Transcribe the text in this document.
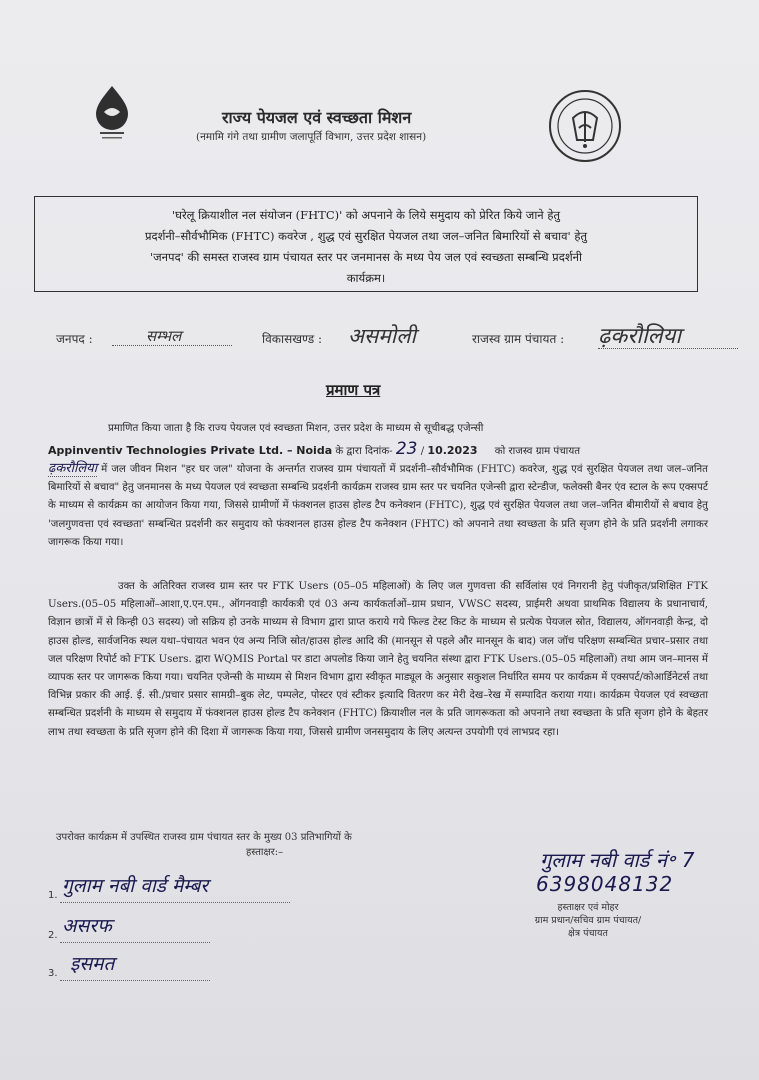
राज्य पेयजल एवं स्वच्छता मिशन
(नमामि गंगे तथा ग्रामीण जलापूर्ति विभाग, उत्तर प्रदेश शासन)
'घरेलू क्रियाशील नल संयोजन (FHTC)' को अपनाने के लिये समुदाय को प्रेरित किये जाने हेतु
प्रदर्शनी–सौर्वभौमिक (FHTC) कवरेज , शुद्ध एवं सुरक्षित पेयजल तथा जल–जनित बिमारियों से बचाव' हेतु
'जनपद' की समस्त राजस्व ग्राम पंचायत स्तर पर जनमानस के मध्य पेय जल एवं स्वच्छता सम्बन्धि प्रदर्शनी
कार्यक्रम।
जनपद :	सम्भल	विकासखण्ड : असमोली	राजस्व ग्राम पंचायत : ढ़करौलिया
प्रमाण पत्र
प्रमाणित किया जाता है कि राज्य पेयजल एवं स्वच्छता मिशन, उत्तर प्रदेश के माध्यम से सूचीबद्ध एजेन्सी
Appinventiv Technologies Private Ltd. – Noida के द्वारा दिनांक- 23 / 10.2023 को राजस्व ग्राम पंचायत
ढ़करौलिया में जल जीवन मिशन "हर घर जल" योजना के अन्तर्गत राजस्व ग्राम पंचायतों में प्रदर्शनी–सौर्वभौमिक (FHTC) कवरेज, शुद्ध एवं सुरक्षित पेयजल तथा जल–जनित बिमारियों से बचाव" हेतु जनमानस के मध्य पेयजल एवं स्वच्छता सम्बन्धि प्रदर्शनी कार्यक्रम राजस्व ग्राम स्तर पर चयनित एजेन्सी द्वारा स्टेन्डीज, फलेक्सी बैनर एंव स्टाल के रूप एक्सपर्ट के माध्यम से कार्यक्रम का आयोजन किया गया, जिससे ग्रामीणों में फंक्शनल हाउस होल्ड टैप कनेक्शन (FHTC), शुद्ध एवं सुरक्षित पेयजल तथा जल–जनित बीमारीयों से बचाव हेतु 'जलगुणवत्ता एवं स्वच्छता' सम्बन्धित प्रदर्शनी कर समुदाय को फंक्शनल हाउस होल्ड टैप कनेक्शन (FHTC) को अपनाने तथा स्वच्छता के प्रति सृजग होने के प्रति प्रदर्शनी लगाकर जागरूक किया गया।
उक्त के अतिरिक्त राजस्व ग्राम स्तर पर FTK Users (05–05 महिलाओं) के लिए जल गुणवत्ता की सर्विलांस एवं निगरानी हेतु पंजीकृत/प्रशिक्षित FTK Users.(05–05 महिलाओं–आशा,ए.एन.एम., ऑगनवाड़ी कार्यकत्री एवं 03 अन्य कार्यकर्ताओं–ग्राम प्रधान, VWSC सदस्य, प्राईमरी अथवा प्राथमिक विद्यालय के प्रधानाचार्य, विज्ञान छात्रों में से किन्ही 03 सदस्य) जो सक्रिय हो उनके माध्यम से विभाग द्वारा प्राप्त कराये गये फिल्ड टेस्ट किट के माध्यम से प्रत्येक पेयजल स्रोत, विद्यालय, ऑगनवाड़ी केन्द्र, दो हाउस होल्ड, सार्वजनिक स्थल यथा–पंचायत भवन एंव अन्य निजि स्रोत/हाउस होल्ड आदि की (मानसून से पहले और मानसून के बाद) जल जॉच परिक्षण सम्बन्धित प्रचार–प्रसार तथा जल परिक्षण रिपोर्ट को FTK Users. द्वारा WQMIS Portal पर डाटा अपलोड किया जाने हेतु चयनित संस्था द्वारा FTK Users.(05–05 महिलाओं) तथा आम जन–मानस में व्यापक स्तर पर जागरूक किया गया। चयनित एजेन्सी के माध्यम से मिशन विभाग द्वारा स्वीकृत माड्यूल के अनुसार सकुशल निर्धारित समय पर कार्यक्रम में एक्सपर्ट/कोआर्डिनेटर्स तथा विभिन्न प्रकार की आई. ई. सी./प्रचार प्रसार सामग्री–बुक लेट, पम्पलेट, पोस्टर एवं स्टीकर इत्यादि वितरण कर मेरी देख–रेख में सम्पादित कराया गया। कार्यक्रम पेयजल एवं स्वच्छता सम्बन्धित प्रदर्शनी के माध्यम से समुदाय में फंक्शनल हाउस होल्ड टैप कनेक्शन (FHTC) क्रियाशील नल के प्रति जागरूकता को अपनाने तथा स्वच्छता के प्रति सृजग होने के बेहतर लाभ तथा स्वच्छता के प्रति सृजग होने की दिशा में जागरूक किया गया, जिससे ग्रामीण जनसमुदाय के लिए अत्यन्त उपयोगी एवं लाभप्रद रहा।
उपरोक्त कार्यक्रम में उपस्थित राजस्व ग्राम पंचायत स्तर के मुख्य 03 प्रतिभागियों के
हस्ताक्षर:–
1. गुलाम नबी वार्ड मैम्बर
2. असरफ
3. इसमत
गुलाम नबी वार्ड नं॰ 7
6398048132
हस्ताक्षर एवं मोहर
ग्राम प्रधान/सचिव ग्राम पंचायत/
क्षेत्र पंचायत
